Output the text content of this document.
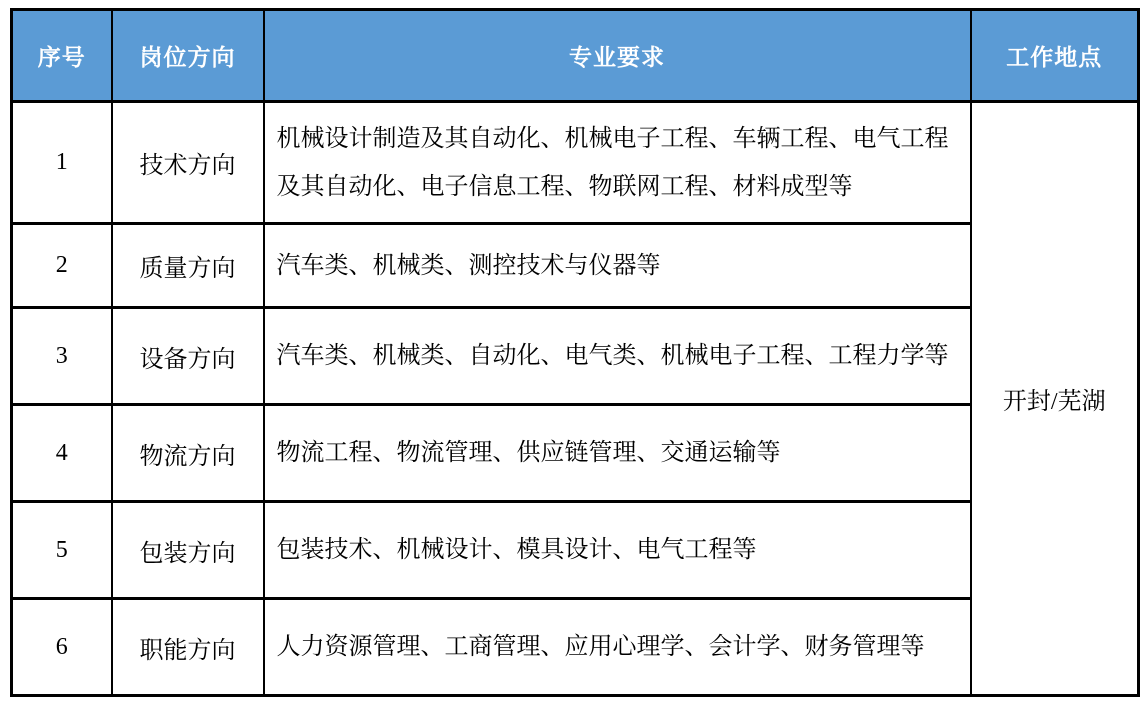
序号	岗位方向	专业要求	工作地点
1	技术方向	机械设计制造及其自动化、机械电子工程、车辆工程、电气工程及其自动化、电子信息工程、物联网工程、材料成型等	开封/芜湖
2	质量方向	汽车类、机械类、测控技术与仪器等	
3	设备方向	汽车类、机械类、自动化、电气类、机械电子工程、工程力学等	
4	物流方向	物流工程、物流管理、供应链管理、交通运输等	
5	包装方向	包装技术、机械设计、模具设计、电气工程等	
6	职能方向	人力资源管理、工商管理、应用心理学、会计学、财务管理等	
